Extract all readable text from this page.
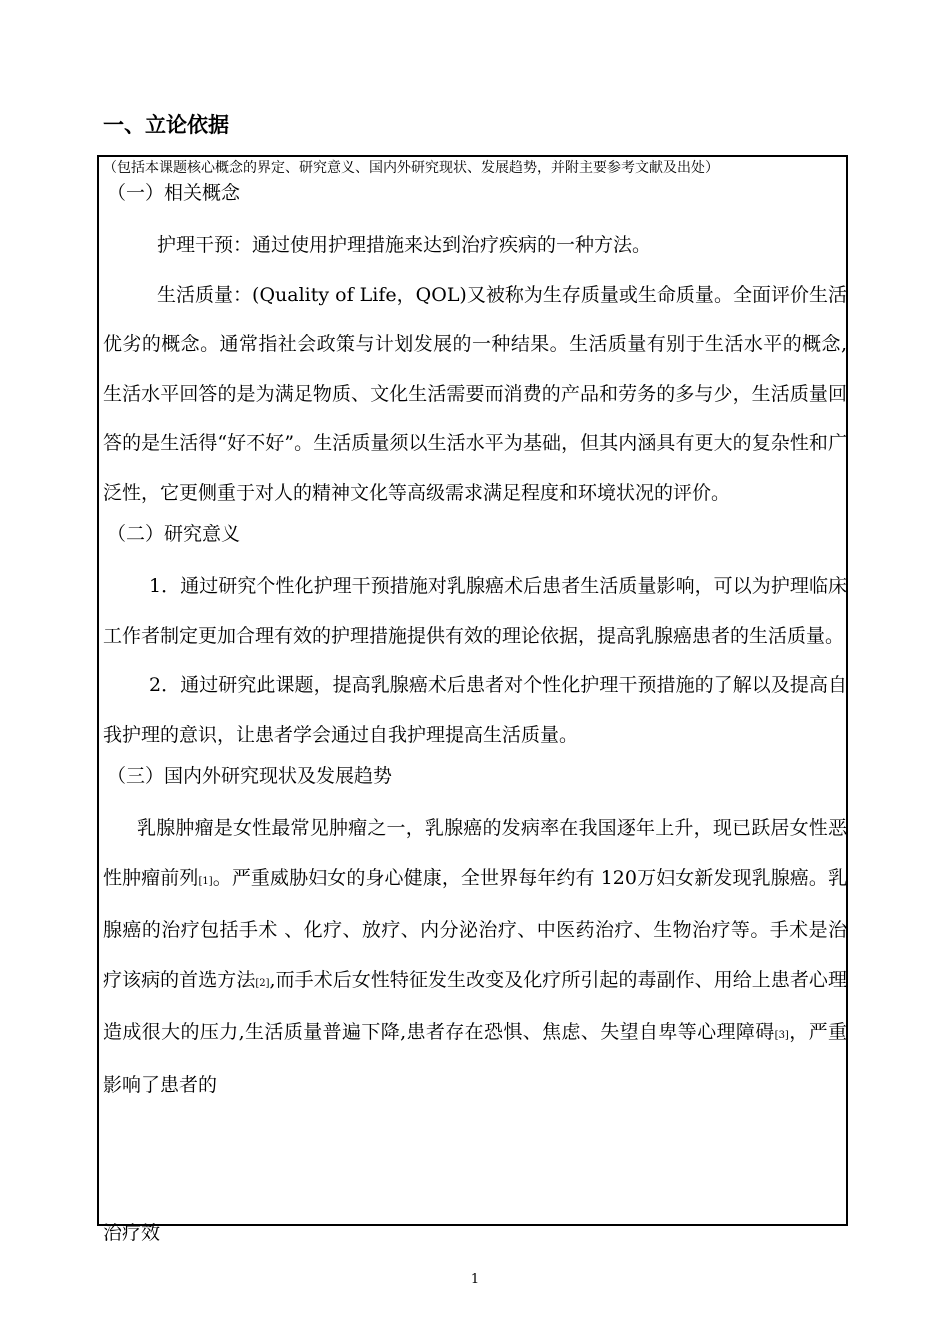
一、立论依据

（包括本课题核心概念的界定、研究意义、国内外研究现状、发展趋势，并附主要参考文献及出处）

（一）相关概念

护理干预：通过使用护理措施来达到治疗疾病的一种方法。

生活质量：(Quality of Life，QOL)又被称为生存质量或生命质量。全面评价生活优劣的概念。通常指社会政策与计划发展的一种结果。生活质量有别于生活水平的概念,生活水平回答的是为满足物质、文化生活需要而消费的产品和劳务的多与少，生活质量回答的是生活得“好不好”。生活质量须以生活水平为基础，但其内涵具有更大的复杂性和广泛性，它更侧重于对人的精神文化等高级需求满足程度和环境状况的评价。

（二）研究意义

1．通过研究个性化护理干预措施对乳腺癌术后患者生活质量影响，可以为护理临床工作者制定更加合理有效的护理措施提供有效的理论依据，提高乳腺癌患者的生活质量。

2．通过研究此课题，提高乳腺癌术后患者对个性化护理干预措施的了解以及提高自我护理的意识，让患者学会通过自我护理提高生活质量。

（三）国内外研究现状及发展趋势

乳腺肿瘤是女性最常见肿瘤之一，乳腺癌的发病率在我国逐年上升，现已跃居女性恶性肿瘤前列[1]。严重威胁妇女的身心健康，全世界每年约有 120万妇女新发现乳腺癌。乳腺癌的治疗包括手术 、化疗、放疗、内分泌治疗、中医药治疗、生物治疗等。手术是治疗该病的首选方法[2],而手术后女性特征发生改变及化疗所引起的毒副作、用给上患者心理造成很大的压力,生活质量普遍下降,患者存在恐惧、焦虑、失望自卑等心理障碍[3]，严重影响了患者的

治疗效

1
